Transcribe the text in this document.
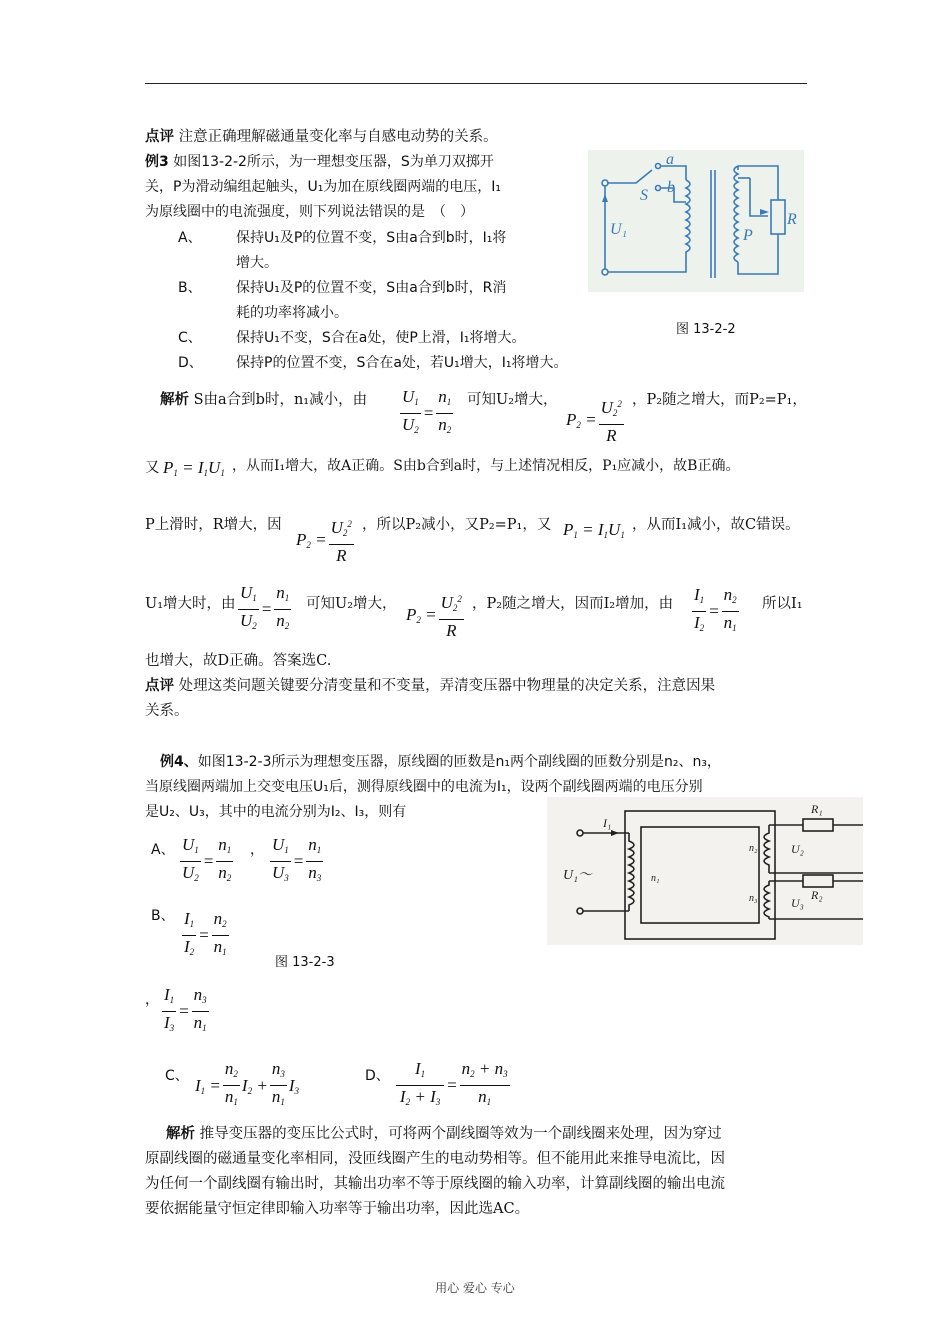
点评 注意正确理解磁通量变化率与自感电动势的关系。
例3 如图13-2-2所示，为一理想变压器，S为单刀双掷开
关，P为滑动编组起触头，U₁为加在原线圈两端的电压，I₁
为原线圈中的电流强度，则下列说法错误的是　（　）
A、 保持U₁及P的位置不变，S由a合到b时，I₁将
增大。
B、 保持U₁及P的位置不变，S由a合到b时，R消
耗的功率将减小。
C、 保持U₁不变，S合在a处，使P上滑，I₁将增大。
D、 保持P的位置不变，S合在a处，若U₁增大，I₁将增大。
a
b
S
U₁	P
R
图 13-2-2
解析 S由a合到b时，n₁减小，由 $\frac{U_1}{U_2} = \frac{n_1}{n_2}$ 可知U₂增大，
$P_2 = \frac{U_2^2}{R}$ ，P₂随之增大，而P₂=P₁，
又 $P_1 = I_1U_1$ ，从而I₁增大，故A正确。S由b合到a时，与上述情况相反，P₁应减小，故B正确。
P上滑时，R增大，因
$P_2 = \frac{U_2^2}{R}$ ，所以P₂减小，又P₂=P₁，又 $P_1 = I_1U_1$
，从而I₁减小，故C错误。
U₁增大时，由 $\frac{U_1}{U_2} = \frac{n_1}{n_2}$ 可知U₂增大，
$P_2 = \frac{U_2^2}{R}$ ，P₂随之增大，因而I₂增加，由 $\frac{I_1}{I_2} = \frac{n_2}{n_1}$ 所以I₁
也增大，故D正确。答案选C.
点评 处理这类问题关键要分清变量和不变量，弄清变压器中物理量的决定关系，注意因果
关系。
例4、如图13-2-3所示为理想变压器，原线圈的匝数是n₁两个副线圈的匝数分别是n₂、n₃，
当原线圈两端加上交变电压U₁后，测得原线圈中的电流为I₁，设两个副线圈两端的电压分别
是U₂、U₃，其中的电流分别为I₂、I₃，则有
I₁
U₁～	n₁
n₂
n₃
U₂
U₃
R₁
R₂
A、 $\frac{U_1}{U_2} = \frac{n_1}{n_2}$ ， $\frac{U_1}{U_3} = \frac{n_1}{n_3}$
B、 $\frac{I_1}{I_2} = \frac{n_2}{n_1}$	图 13-2-3
， $\frac{I_1}{I_3} = \frac{n_3}{n_1}$
C、 $I_1 = \frac{n_2}{n_1} I_2 + \frac{n_3}{n_1} I_3$
D、 $\frac{I_1}{I_2 + I_3} = \frac{n_2 + n_3}{n_1}$
解析 推导变压器的变压比公式时，可将两个副线圈等效为一个副线圈来处理，因为穿过
原副线圈的磁通量变化率相同，没匝线圈产生的电动势相等。但不能用此来推导电流比，因
为任何一个副线圈有输出时，其输出功率不等于原线圈的输入功率，计算副线圈的输出电流
要依据能量守恒定律即输入功率等于输出功率，因此选AC。
用心 爱心 专心
